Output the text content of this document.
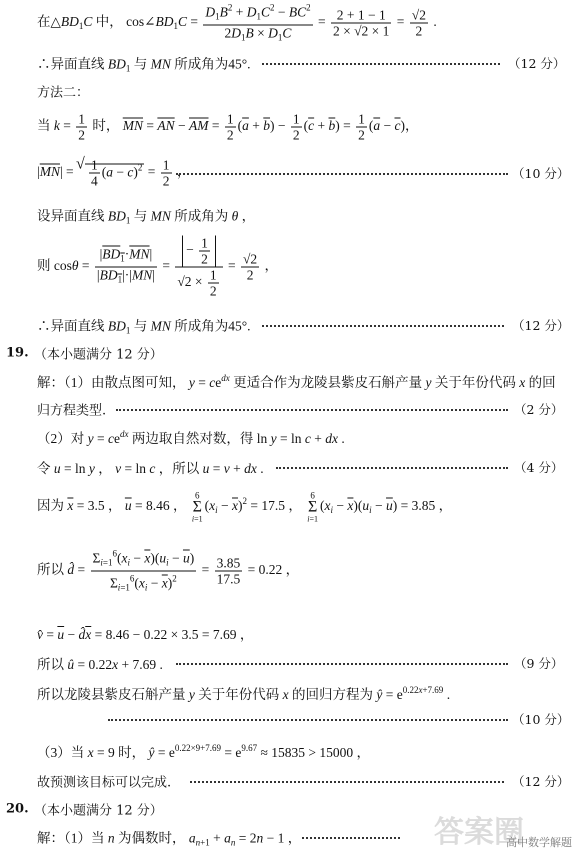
在$\triangle BD_1C$ 中， $\cos\angle BD_1C = \frac{D_1B^2 + D_1C^2 - BC^2}{2D_1B \times D_1C} = \frac{2 + 1 - 1}{2 \times √2 \times 1} = \frac{√2}{2}$ .
∴异面直线 $BD_1$ 与 MN 所成角为45°.	（12 分）
方法二：
当 $k = \frac{1}{2}$ 时， $\overline{MN} = \overline{AN} - \overline{AM} = \frac{1}{2} (\overline{a} + \overline{b}) - \frac{1}{2} (\overline{c} + \overline{b}) = \frac{1}{2} (\overline{a} - \overline{c})$，
$|\overline{MN}|$ = √ $\frac{1}{4} (\overline{a} - \overline{c})^2 = \frac{1}{2}$ ，	（10 分）
设异面直线 $BD_1$ 与 MN 所成角为 θ ，
则 $\cos\theta = \frac{|BD_1\cdot\overline{MN}|}{|BD_1|\cdot|\overline{MN}|} = \frac{- \frac{1}{2}}{√2 \times \frac{1}{2}} = \frac{√2}{2}$ ，
∴异面直线 $BD_1$ 与 MN 所成角为45°.	（12 分）
19. （本小题满分 12 分）
解：（1）由散点图可知， $y = ce^{dx}$ 更适合作为龙陵县紫皮石斛产量 y 关于年份代码 x 的回
归方程类型.	（2 分）
（2）对 $y = ce^{dx}$ 两边取自然对数，得 ln y = ln c + dx .
令 u = ln y ， v = ln c ，所以 u = v + dx .	（4 分）
因为 $\overline{x} = 3.5$ ， $\overline{u} = 8.46$ ，
6
Σ
i=1
$(x_i - \overline{x})^2 = 17.5$ ，
6
Σ
i=1
$(x_i - \overline{x})(u_i - \overline{u}) = 3.85$ ，
所以 d̂ = $\frac{\Sigma_{i=1}^6(x_i - \overline{x})(u_i - \overline{u})}{\Sigma_{i=1}^6(x_i - \overline{x})^2} = \frac{3.85}{17.5} = 0.22$ ，
v̂ = $\overline{u}$ − $d̂\overline{x} = 8.46 - 0.22 \times 3.5 = 7.69$ ，
所以 û = 0.22x + 7.69 .	（9 分）
所以龙陵县紫皮石斛产量 y 关于年份代码 x 的回归方程为 ŷ = $e^{0.22x+7.69}$ .
（10 分）
（3）当 x = 9 时， ŷ = $e^{0.22\times 9+7.69} = e^{9.67} \approx 15835 > 15000$ ，
故预测该目标可以完成.	（12 分）
20. （本小题满分 12 分）
解：（1）当 n 为偶数时， $a_{n+1} + a_n = 2n - 1$ ，	答案圈
高中数学解题
